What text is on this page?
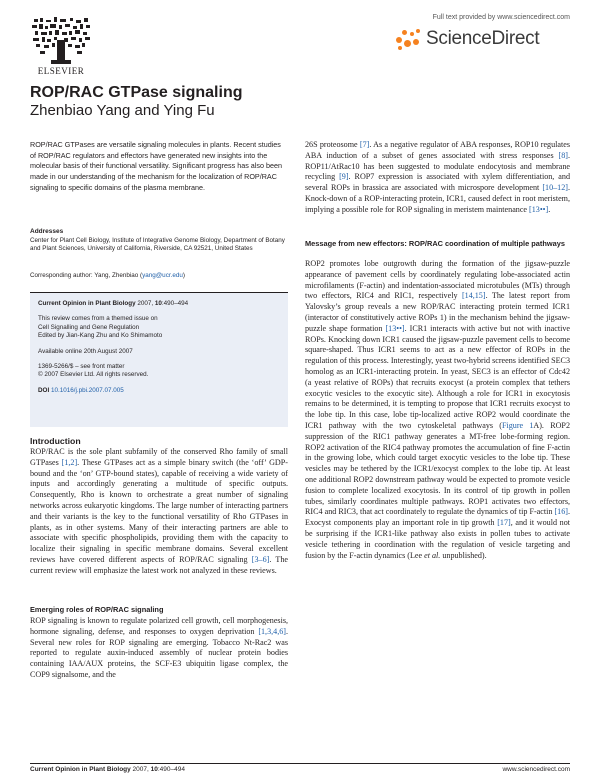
ELSEVIER
Full text provided by www.sciencedirect.com
ScienceDirect
ROP/RAC GTPase signaling
Zhenbiao Yang and Ying Fu
ROP/RAC GTPases are versatile signaling molecules in plants. Recent studies of ROP/RAC regulators and effectors have generated new insights into the molecular basis of their functional versatility. Significant progress has also been made in our understanding of the mechanism for the localization of ROP/RAC signaling to specific domains of the plasma membrane.
Addresses
Center for Plant Cell Biology, Institute of Integrative Genome Biology, Department of Botany and Plant Sciences, University of California, Riverside, CA 92521, United States
Corresponding author: Yang, Zhenbiao (yang@ucr.edu)

Current Opinion in Plant Biology 2007, 10:490–494

This review comes from a themed issue on
Cell Signalling and Gene Regulation
Edited by Jian-Kang Zhu and Ko Shimamoto

Available online 20th August 2007

1369-5266/$ – see front matter
© 2007 Elsevier Ltd. All rights reserved.

DOI 10.1016/j.pbi.2007.07.005

Introduction
ROP/RAC is the sole plant subfamily of the conserved Rho family of small GTPases [1,2]. These GTPases act as a simple binary switch (the ‘off’ GDP-bound and the ‘on’ GTP-bound states), capable of receiving a wide variety of inputs and accordingly generating a multitude of specific outputs. Consequently, Rho is known to orchestrate a great number of signaling networks across eukaryotic kingdoms. The large number of interacting partners and their variants is the key to the functional versatility of Rho GTPases in plants, as in other systems. Many of their interacting partners are able to associate with specific phospholipids, providing them with the capacity to localize their signaling in specific membrane domains. Several excellent reviews have covered different aspects of ROP/RAC signaling [3–6]. The current review will emphasize the latest work not analyzed in these reviews.
Emerging roles of ROP/RAC signaling
ROP signaling is known to regulate polarized cell growth, cell morphogenesis, hormone signaling, defense, and responses to oxygen deprivation [1,3,4,6]. Several new roles for ROP signaling are emerging. Tobacco Nt-Rac2 was reported to regulate auxin-induced assembly of nuclear protein bodies containing IAA/AUX proteins, the SCF-E3 ubiquitin ligase complex, the COP9 signalsome, and the
26S proteosome [7]. As a negative regulator of ABA responses, ROP10 regulates ABA induction of a subset of genes associated with stress responses [8]. ROP11/AtRac10 has been suggested to modulate endocytosis and membrane recycling [9]. ROP7 expression is associated with xylem differentiation, and several ROPs in brassica are associated with microspore development [10–12]. Knock-down of a ROP-interacting protein, ICR1, caused defect in root meristem, implying a possible role for ROP signaling in meristem maintenance [13••].
Message from new effectors: ROP/RAC coordination of multiple pathways
ROP2 promotes lobe outgrowth during the formation of the jigsaw-puzzle appearance of pavement cells by coordinately regulating lobe-associated actin microfilaments (F-actin) and indentation-associated microtubules (MTs) through two effectors, RIC4 and RIC1, respectively [14,15]. The latest report from Yalovsky’s group reveals a new ROP/RAC interacting protein termed ICR1 (interactor of constitutively active ROPs 1) in the mechanism behind the jigsaw-puzzle shape formation [13••]. ICR1 interacts with active but not with inactive ROPs. Knocking down ICR1 caused the jigsaw-puzzle pavement cells to become square-shaped. Thus ICR1 seems to act as a new effector of ROPs in the regulation of this process. Interestingly, yeast two-hybrid screens identified SEC3 homolog as an ICR1-interacting protein. In yeast, SEC3 is an effector of Cdc42 (a yeast relative of ROPs) that recruits exocyst (a protein complex that tethers exocytic vesicles to the exocytic site). Although a role for ICR1 in exocytosis remains to be determined, it is tempting to propose that ICR1 recruits exocyst to the lobe tip. In this case, lobe tip-localized active ROP2 would coordinate the ICR1 pathway with the two cytoskeletal pathways (Figure 1A). ROP2 suppression of the RIC1 pathway generates a MT-free lobe-forming region. ROP2 activation of the RIC4 pathway promotes the accumulation of fine F-actin in the growing lobe, which could target exocytic vesicles to the lobe tip. These vesicles may be tethered by the ICR1/exocyst complex to the lobe tip. At least one additional ROP2 downstream pathway would be expected to promote vesicle fusion to complete localized exocytosis. In its control of tip growth in pollen tubes, similarly coordinates multiple pathways. ROP1 activates two effectors, RIC4 and RIC3, that act coordinately to regulate the dynamics of tip F-actin [16]. Exocyst components play an important role in tip growth [17], and it would not be surprising if the ICR1-like pathway also exists in pollen tubes to activate vesicle tethering in coordination with the regulation of vesicle targeting and fusion by the F-actin dynamics (Lee et al. unpublished).
Current Opinion in Plant Biology 2007, 10:490–494	www.sciencedirect.com
